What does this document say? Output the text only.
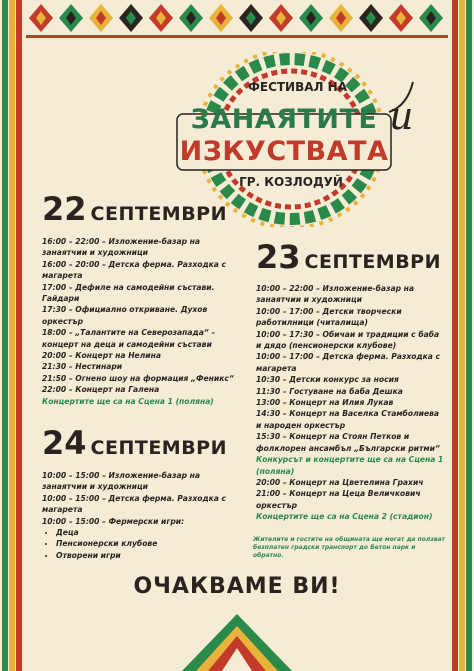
ФЕСТИВАЛ НА
ЗАНАЯТИТЕ и
ИЗКУСТВАТА
ГР. КОЗЛОДУЙ
22 СЕПТЕМВРИ
16:00 – 22:00 – Изложение-базар на занаятчии и художници
16:00 – 20:00 – Детска ферма. Разходка с магарета
17:00 – Дефиле на самодейни състави. Гайдари
17:30 – Официално откриване. Духов оркестър
18:00 – „Талантите на Северозапада“ – концерт на деца и самодейни състави
20:00 – Концерт на Нелина
21:30 – Нестинари
21:50 – Огнено шоу на формация „Феникс“
22:00 – Концерт на Галена
Концертите ще са на Сцена 1 (поляна)
23 СЕПТЕМВРИ
10:00 – 22:00 – Изложение-базар на занаятчии и художници
10:00 – 17:00 – Детски творчески работилници (читалища)
10:00 – 17:30 – Обичаи и традиции с баба и дядо (пенсионерски клубове)
10:00 – 17:00 – Детска ферма. Разходка с магарета
10:30 – Детски конкурс за носия
11:30 – Гостуване на баба Дешка
13:00 – Концерт на Илия Лукав
14:30 – Концерт на Васелка Стамболиева и народен оркестър
15:30 – Концерт на Стоян Петков и фолклорен ансамбъл „Български ритми“
Конкурсът и концертите ще са на Сцена 1 (поляна)
20:00 – Концерт на Цветелина Грахич
21:00 – Концерт на Цеца Величкович оркестър
Концертите ще са на Сцена 2 (стадион)
24 СЕПТЕМВРИ
10:00 – 15:00 – Изложение-базар на занаятчии и художници
10:00 – 15:00 – Детска ферма. Разходка с магарета
10:00 – 15:00 – Фермерски игри:
• Деца
• Пенсионерски клубове
• Отворени игри
Жителите и гостите на общината ще могат да ползват безплатен градски транспорт до Бетон парк и обратно.
ОЧАКВАМЕ ВИ!
